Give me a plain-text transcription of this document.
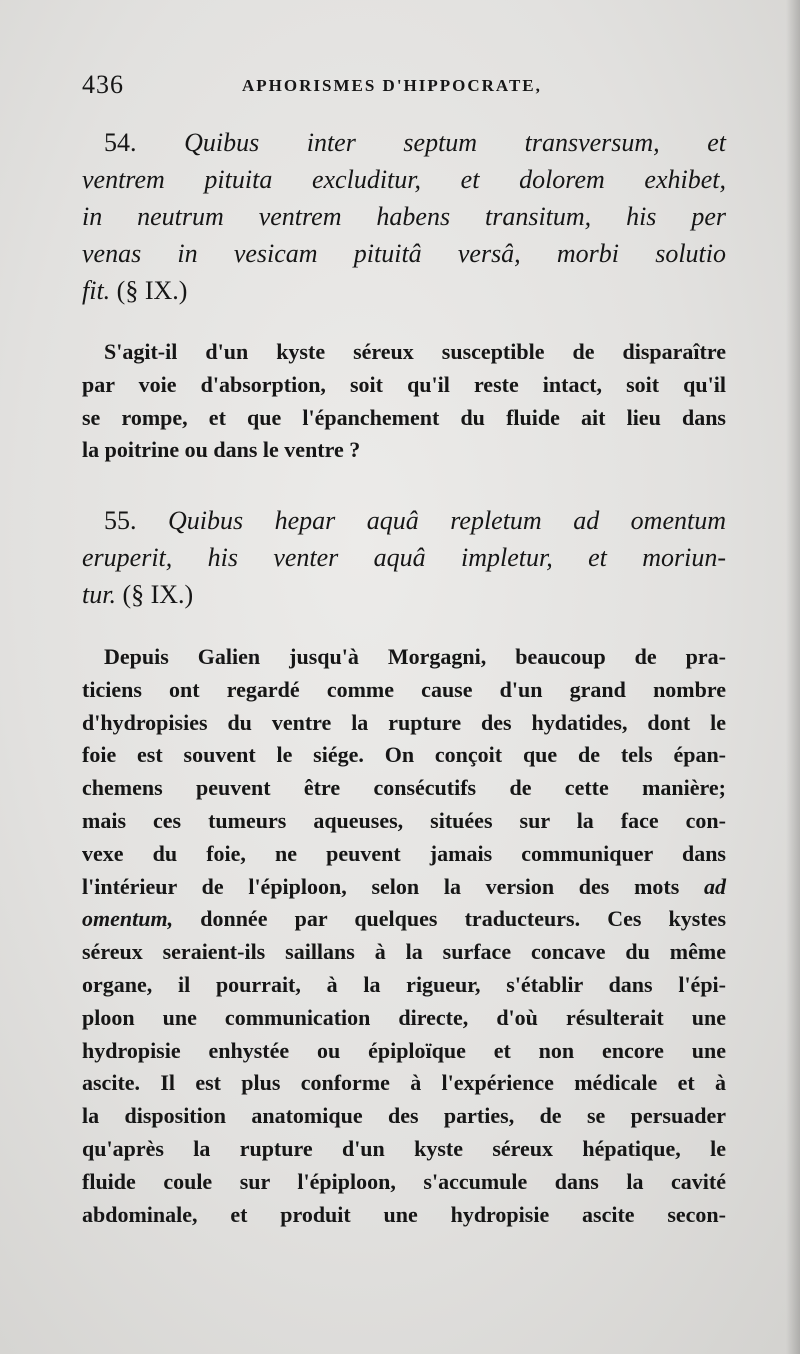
436	APHORISMES D'HIPPOCRATE,
54. Quibus inter septum transversum, et
ventrem pituita excluditur, et dolorem exhibet,
in neutrum ventrem habens transitum, his per
venas in vesicam pituitâ versâ, morbi solutio
fit. (§ IX.)
S'agit-il d'un kyste séreux susceptible de disparaître
par voie d'absorption, soit qu'il reste intact, soit qu'il
se rompe, et que l'épanchement du fluide ait lieu dans
la poitrine ou dans le ventre ?
55. Quibus hepar aquâ repletum ad omentum
eruperit, his venter aquâ impletur, et moriun-
tur. (§ IX.)
Depuis Galien jusqu'à Morgagni, beaucoup de pra-
ticiens ont regardé comme cause d'un grand nombre
d'hydropisies du ventre la rupture des hydatides, dont le
foie est souvent le siége. On conçoit que de tels épan-
chemens peuvent être consécutifs de cette manière;
mais ces tumeurs aqueuses, situées sur la face con-
vexe du foie, ne peuvent jamais communiquer dans
l'intérieur de l'épiploon, selon la version des mots ad
omentum, donnée par quelques traducteurs. Ces kystes
séreux seraient-ils saillans à la surface concave du même
organe, il pourrait, à la rigueur, s'établir dans l'épi-
ploon une communication directe, d'où résulterait une
hydropisie enhystée ou épiploïque et non encore une
ascite. Il est plus conforme à l'expérience médicale et à
la disposition anatomique des parties, de se persuader
qu'après la rupture d'un kyste séreux hépatique, le
fluide coule sur l'épiploon, s'accumule dans la cavité
abdominale, et produit une hydropisie ascite secon-
